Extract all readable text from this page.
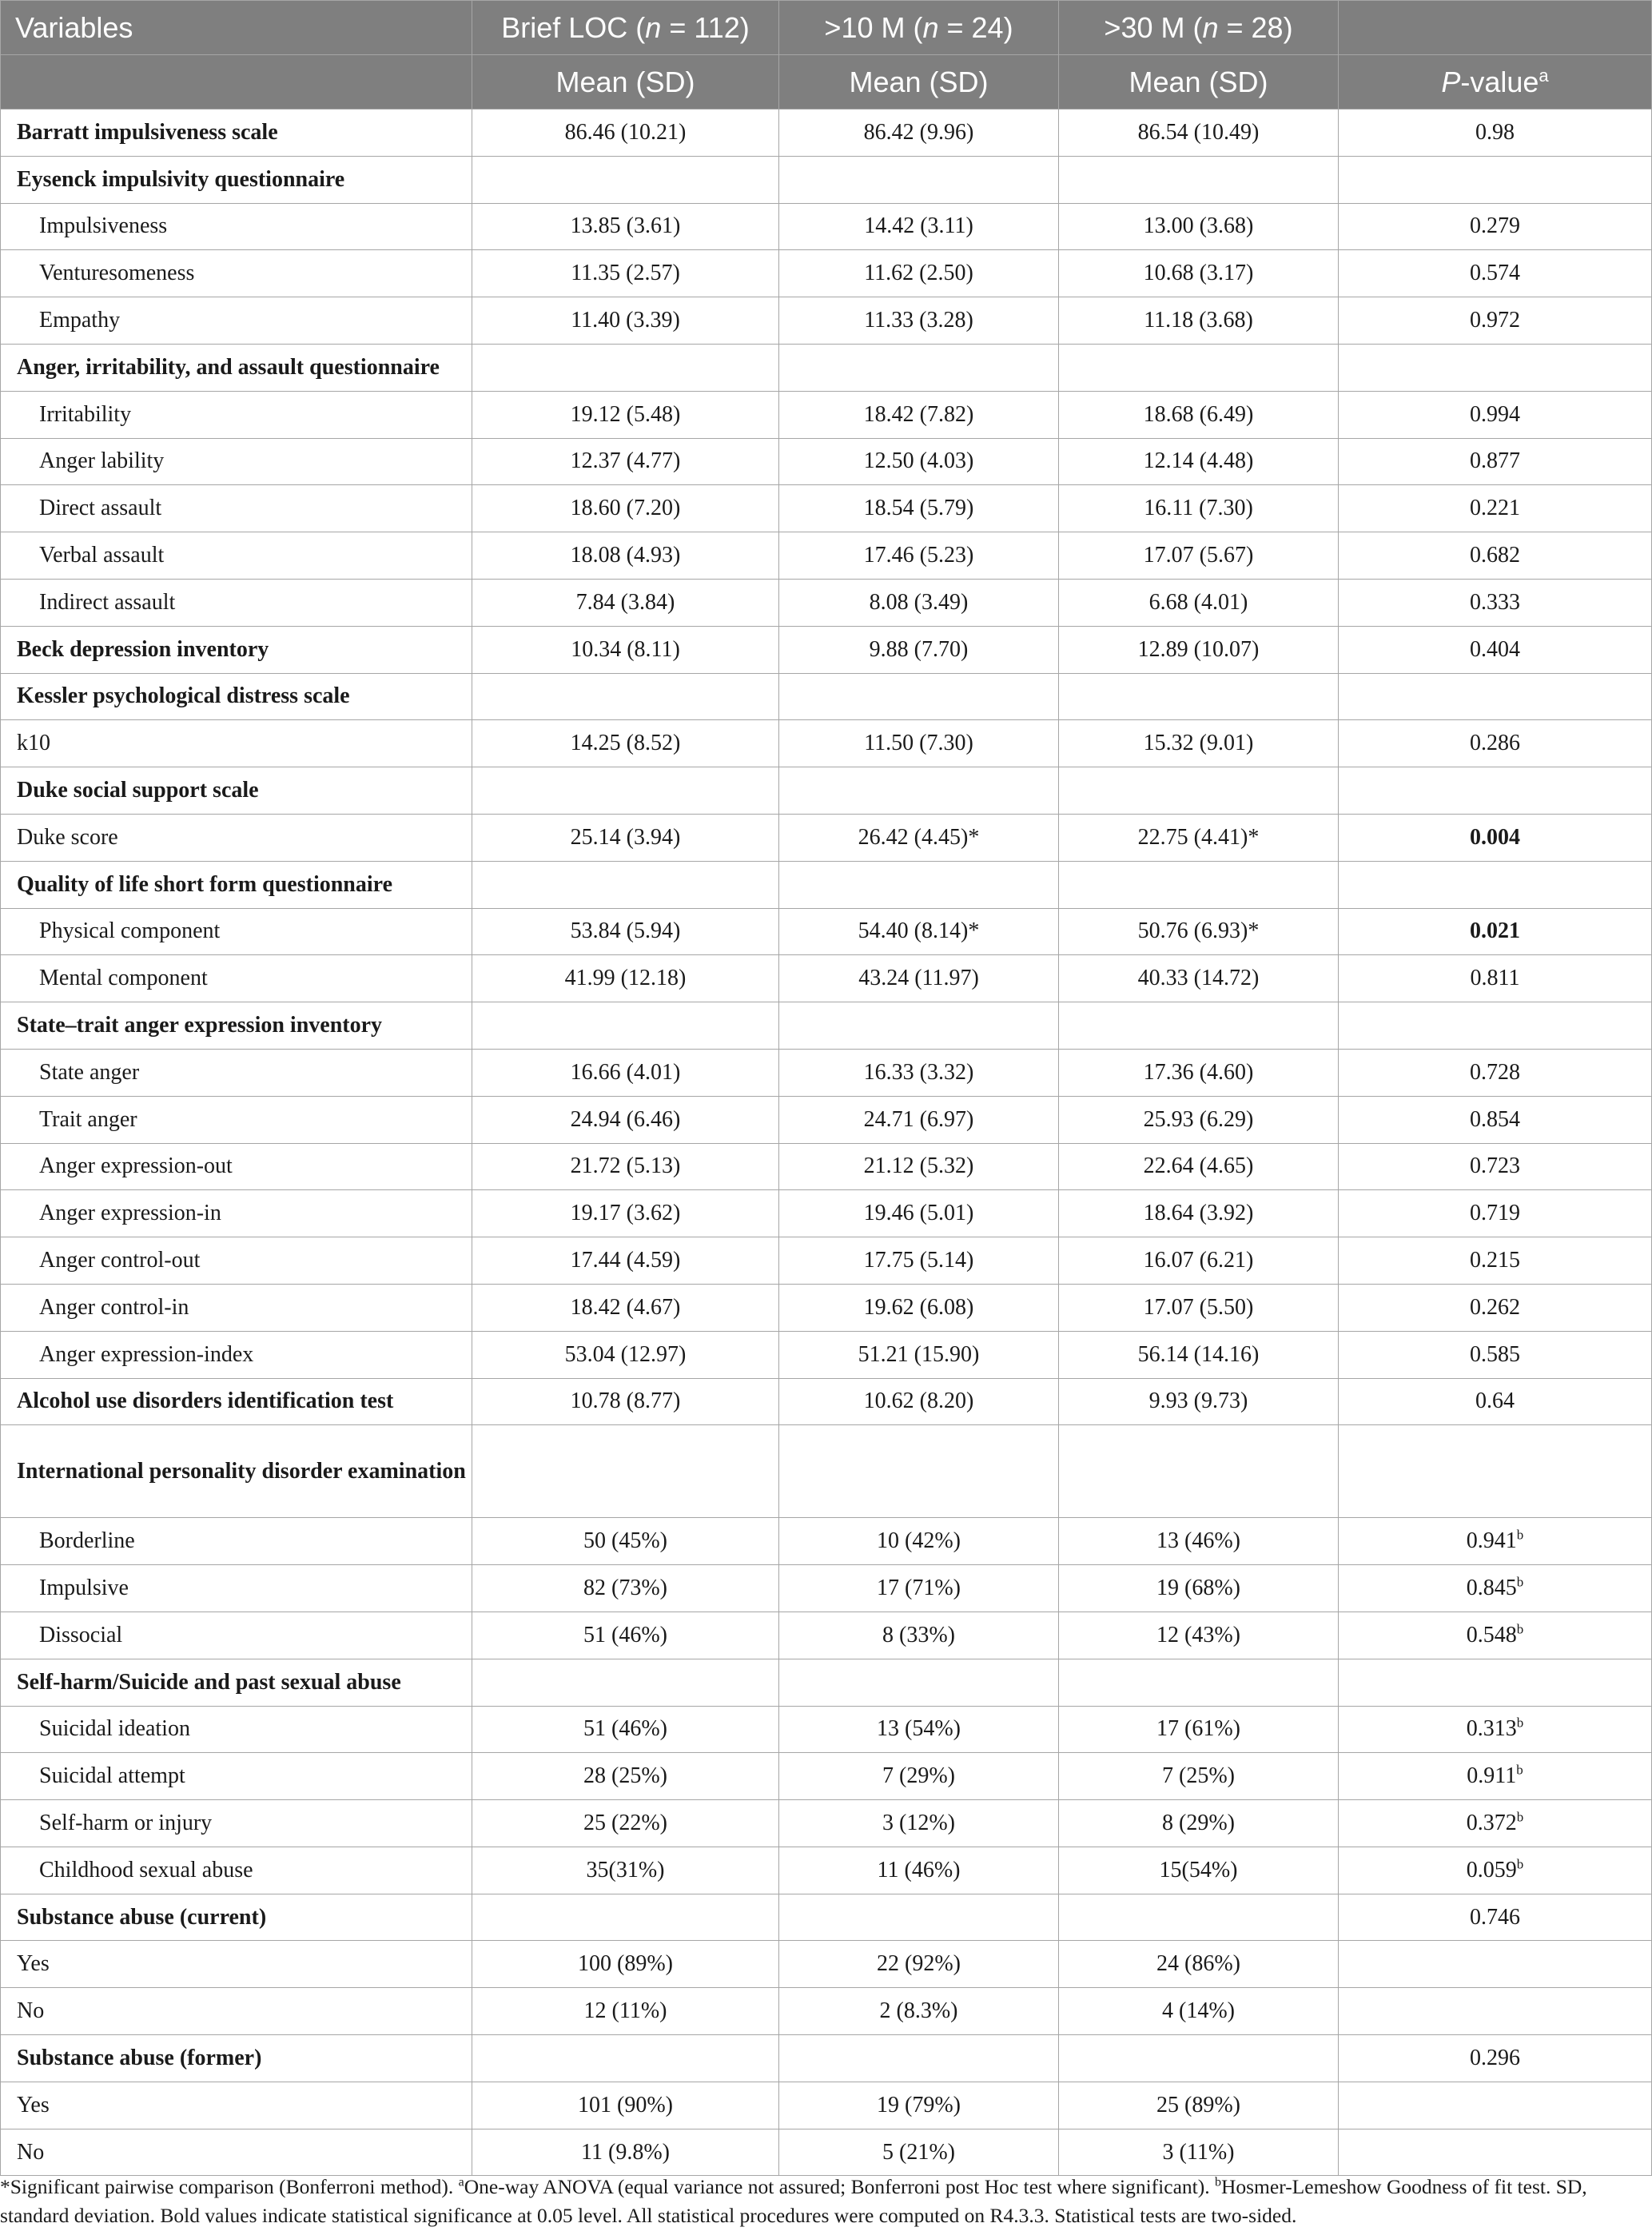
Variables	Brief LOC (n = 112)	>10 M (n = 24)	>30 M (n = 28)	
	Mean (SD)	Mean (SD)	Mean (SD)	P-value$^a$
Barratt impulsiveness scale	86.46 (10.21)	86.42 (9.96)	86.54 (10.49)	0.98
Eysenck impulsivity questionnaire				
Impulsiveness	13.85 (3.61)	14.42 (3.11)	13.00 (3.68)	0.279
Venturesomeness	11.35 (2.57)	11.62 (2.50)	10.68 (3.17)	0.574
Empathy	11.40 (3.39)	11.33 (3.28)	11.18 (3.68)	0.972
Anger, irritability, and assault questionnaire				
Irritability	19.12 (5.48)	18.42 (7.82)	18.68 (6.49)	0.994
Anger lability	12.37 (4.77)	12.50 (4.03)	12.14 (4.48)	0.877
Direct assault	18.60 (7.20)	18.54 (5.79)	16.11 (7.30)	0.221
Verbal assault	18.08 (4.93)	17.46 (5.23)	17.07 (5.67)	0.682
Indirect assault	7.84 (3.84)	8.08 (3.49)	6.68 (4.01)	0.333
Beck depression inventory	10.34 (8.11)	9.88 (7.70)	12.89 (10.07)	0.404
Kessler psychological distress scale				
k10	14.25 (8.52)	11.50 (7.30)	15.32 (9.01)	0.286
Duke social support scale				
Duke score	25.14 (3.94)	26.42 (4.45)*	22.75 (4.41)*	0.004
Quality of life short form questionnaire				
Physical component	53.84 (5.94)	54.40 (8.14)*	50.76 (6.93)*	0.021
Mental component	41.99 (12.18)	43.24 (11.97)	40.33 (14.72)	0.811
State–trait anger expression inventory				
State anger	16.66 (4.01)	16.33 (3.32)	17.36 (4.60)	0.728
Trait anger	24.94 (6.46)	24.71 (6.97)	25.93 (6.29)	0.854
Anger expression-out	21.72 (5.13)	21.12 (5.32)	22.64 (4.65)	0.723
Anger expression-in	19.17 (3.62)	19.46 (5.01)	18.64 (3.92)	0.719
Anger control-out	17.44 (4.59)	17.75 (5.14)	16.07 (6.21)	0.215
Anger control-in	18.42 (4.67)	19.62 (6.08)	17.07 (5.50)	0.262
Anger expression-index	53.04 (12.97)	51.21 (15.90)	56.14 (14.16)	0.585
Alcohol use disorders identification test	10.78 (8.77)	10.62 (8.20)	9.93 (9.73)	0.64
International personality disorder examination				
Borderline	50 (45%)	10 (42%)	13 (46%)	0.941$^b$
Impulsive	82 (73%)	17 (71%)	19 (68%)	0.845$^b$
Dissocial	51 (46%)	8 (33%)	12 (43%)	0.548$^b$
Self-harm/Suicide and past sexual abuse				
Suicidal ideation	51 (46%)	13 (54%)	17 (61%)	0.313$^b$
Suicidal attempt	28 (25%)	7 (29%)	7 (25%)	0.911$^b$
Self-harm or injury	25 (22%)	3 (12%)	8 (29%)	0.372$^b$
Childhood sexual abuse	35(31%)	11 (46%)	15(54%)	0.059$^b$
Substance abuse (current)				0.746
Yes	100 (89%)	22 (92%)	24 (86%)	
No	12 (11%)	2 (8.3%)	4 (14%)	
Substance abuse (former)				0.296
Yes	101 (90%)	19 (79%)	25 (89%)	
No	11 (9.8%)	5 (21%)	3 (11%)	
*Significant pairwise comparison (Bonferroni method). $^a$One-way ANOVA (equal variance not assured; Bonferroni post Hoc test where significant). $^b$Hosmer-Lemeshow Goodness of fit test. SD, standard deviation. Bold values indicate statistical significance at 0.05 level. All statistical procedures were computed on R4.3.3. Statistical tests are two-sided.
